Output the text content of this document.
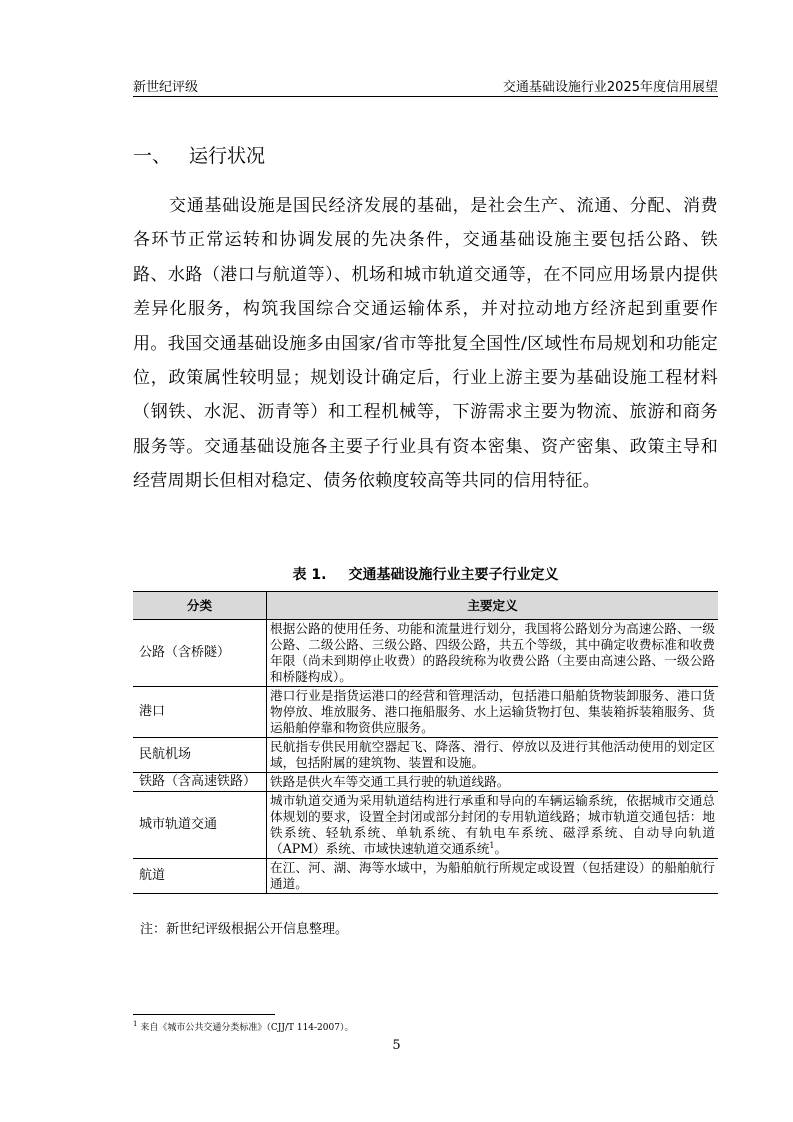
新世纪评级	交通基础设施行业2025年度信用展望
一、 运行状况

交通基础设施是国民经济发展的基础，是社会生产、流通、分配、消费各环节正常运转和协调发展的先决条件，交通基础设施主要包括公路、铁路、水路（港口与航道等）、机场和城市轨道交通等，在不同应用场景内提供差异化服务，构筑我国综合交通运输体系，并对拉动地方经济起到重要作用。我国交通基础设施多由国家/省市等批复全国性/区域性布局规划和功能定位，政策属性较明显；规划设计确定后，行业上游主要为基础设施工程材料（钢铁、水泥、沥青等）和工程机械等，下游需求主要为物流、旅游和商务服务等。交通基础设施各主要子行业具有资本密集、资产密集、政策主导和经营周期长但相对稳定、债务依赖度较高等共同的信用特征。

表 1. 交通基础设施行业主要子行业定义
分类	主要定义
公路（含桥隧）	根据公路的使用任务、功能和流量进行划分，我国将公路划分为高速公路、一级公路、二级公路、三级公路、四级公路，共五个等级，其中确定收费标准和收费年限（尚未到期停止收费）的路段统称为收费公路（主要由高速公路、一级公路和桥隧构成）。
港口	港口行业是指货运港口的经营和管理活动，包括港口船舶货物装卸服务、港口货物停放、堆放服务、港口拖船服务、水上运输货物打包、集装箱拆装箱服务、货运船舶停靠和物资供应服务。
民航机场	民航指专供民用航空器起飞、降落、滑行、停放以及进行其他活动使用的划定区域，包括附属的建筑物、装置和设施。
铁路（含高速铁路）	铁路是供火车等交通工具行驶的轨道线路。
城市轨道交通	城市轨道交通为采用轨道结构进行承重和导向的车辆运输系统，依据城市交通总体规划的要求，设置全封闭或部分封闭的专用轨道线路；城市轨道交通包括：地铁系统、轻轨系统、单轨系统、有轨电车系统、磁浮系统、自动导向轨道（APM）系统、市域快速轨道交通系统$^1$。
航道	在江、河、湖、海等水域中，为船舶航行所规定或设置（包括建设）的船舶航行通道。
注：新世纪评级根据公开信息整理。
$^1$ 来自《城市公共交通分类标准》（CJJ/T 114-2007）。
5
